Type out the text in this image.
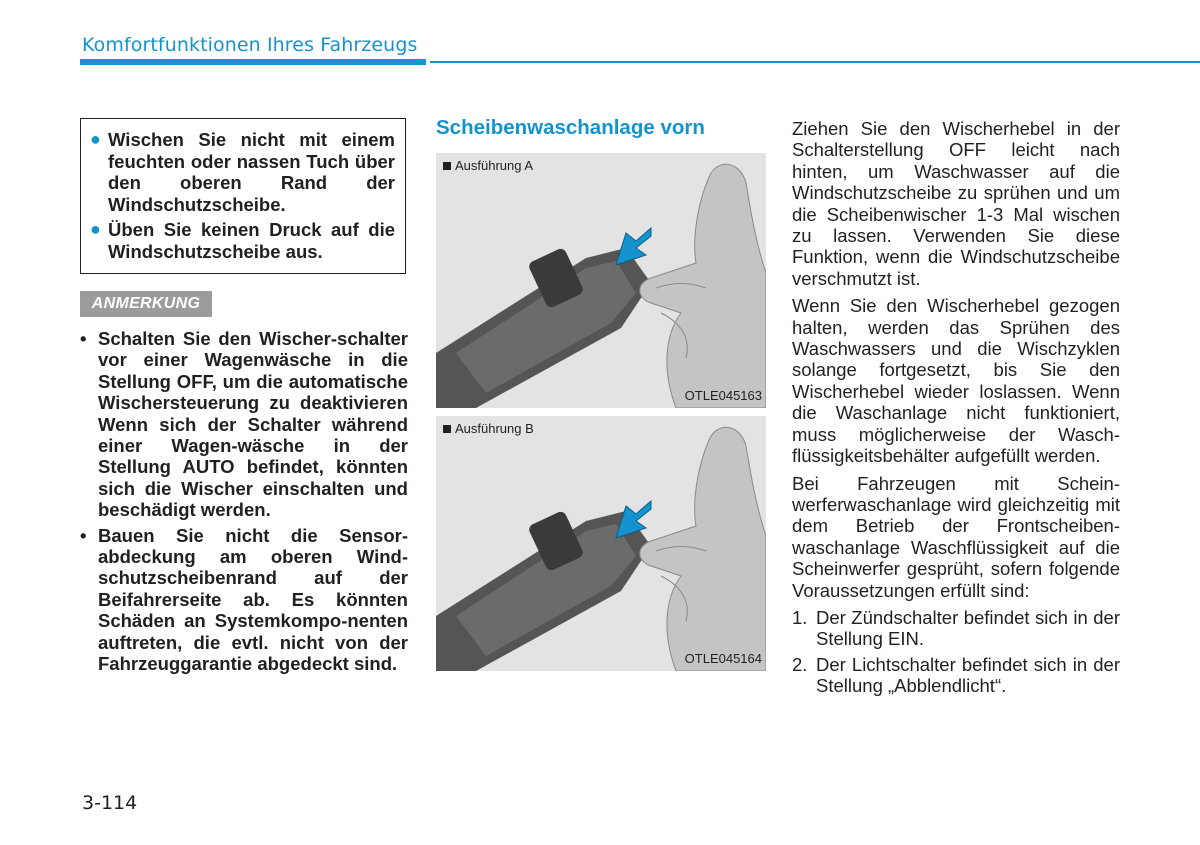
Komfortfunktionen Ihres Fahrzeugs
● Wischen Sie nicht mit einem feuchten oder nassen Tuch über den oberen Rand der Windschutzscheibe.
● Üben Sie keinen Druck auf die Windschutzscheibe aus.
ANMERKUNG
• Schalten Sie den Wischer-schalter vor einer Wagenwäsche in die Stellung OFF, um die automatische Wischersteuerung zu deaktivieren Wenn sich der Schalter während einer Wagen-wäsche in der Stellung AUTO befindet, könnten sich die Wischer einschalten und beschädigt werden.
• Bauen Sie nicht die Sensor-abdeckung am oberen Wind-schutzscheibenrand auf der Beifahrerseite ab. Es könnten Schäden an Systemkompo-nenten auftreten, die evtl. nicht von der Fahrzeuggarantie abgedeckt sind.
Scheibenwaschanlage vorn
Ausführung A
OTLE045163
Ausführung B
OTLE045164

Ziehen Sie den Wischerhebel in der Schalterstellung OFF leicht nach hinten, um Waschwasser auf die Windschutzscheibe zu sprühen und um die Scheibenwischer 1-3 Mal wischen zu lassen. Verwenden Sie diese Funktion, wenn die Windschutzscheibe verschmutzt ist.

Wenn Sie den Wischerhebel gezogen halten, werden das Sprühen des Waschwassers und die Wischzyklen solange fortgesetzt, bis Sie den Wischerhebel wieder loslassen. Wenn die Waschanlage nicht funktioniert, muss möglicherweise der Wasch-flüssigkeitsbehälter aufgefüllt werden.

Bei Fahrzeugen mit Schein-werferwaschanlage wird gleichzeitig mit dem Betrieb der Frontscheiben-waschanlage Waschflüssigkeit auf die Scheinwerfer gesprüht, sofern folgende Voraussetzungen erfüllt sind:

1. Der Zündschalter befindet sich in der Stellung EIN.
2. Der Lichtschalter befindet sich in der Stellung „Abblendlicht“.
3-114
